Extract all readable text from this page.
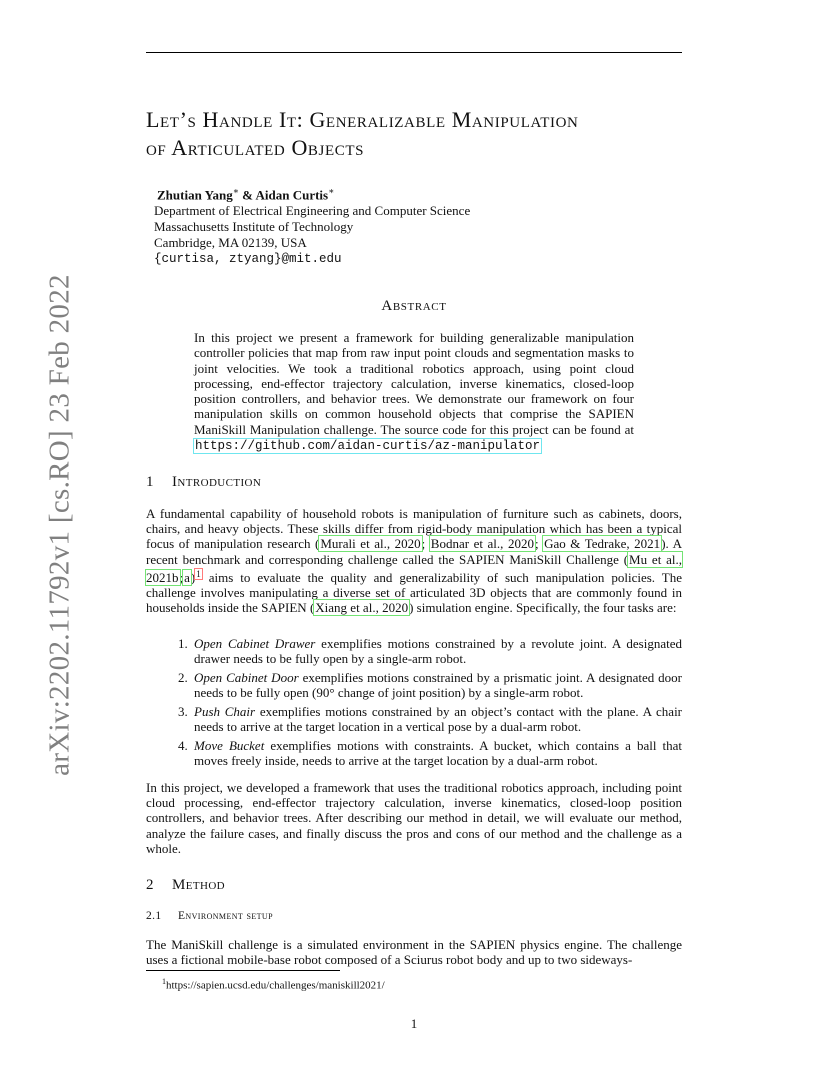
arXiv:2202.11792v1 [cs.RO] 23 Feb 2022
Let’s Handle It: Generalizable Manipulation
of Articulated Objects
Zhutian Yang∗ & Aidan Curtis∗
Department of Electrical Engineering and Computer Science
Massachusetts Institute of Technology
Cambridge, MA 02139, USA
{curtisa, ztyang}@mit.edu
Abstract

In this project we present a framework for building generalizable manipulation controller policies that map from raw input point clouds and segmentation masks to joint velocities. We took a traditional robotics approach, using point cloud processing, end-effector trajectory calculation, inverse kinematics, closed-loop position controllers, and behavior trees. We demonstrate our framework on four manipulation skills on common household objects that comprise the SAPIEN ManiSkill Manipulation challenge. The source code for this project can be found at https://github.com/aidan-curtis/az-manipulator

1 Introduction

A fundamental capability of household robots is manipulation of furniture such as cabinets, doors, chairs, and heavy objects. These skills differ from rigid-body manipulation which has been a typical focus of manipulation research (Murali et al., 2020; Bodnar et al., 2020; Gao & Tedrake, 2021). A recent benchmark and corresponding challenge called the SAPIEN ManiSkill Challenge (Mu et al., 2021b;a)$^1$ aims to evaluate the quality and generalizability of such manipulation policies. The challenge involves manipulating a diverse set of articulated 3D objects that are commonly found in households inside the SAPIEN (Xiang et al., 2020) simulation engine. Specifically, the four tasks are:

1. Open Cabinet Drawer exemplifies motions constrained by a revolute joint. A designated drawer needs to be fully open by a single-arm robot.
2. Open Cabinet Door exemplifies motions constrained by a prismatic joint. A designated door needs to be fully open (90° change of joint position) by a single-arm robot.
3. Push Chair exemplifies motions constrained by an object’s contact with the plane. A chair needs to arrive at the target location in a vertical pose by a dual-arm robot.
4. Move Bucket exemplifies motions with constraints. A bucket, which contains a ball that moves freely inside, needs to arrive at the target location by a dual-arm robot.

In this project, we developed a framework that uses the traditional robotics approach, including point cloud processing, end-effector trajectory calculation, inverse kinematics, closed-loop position controllers, and behavior trees. After describing our method in detail, we will evaluate our method, analyze the failure cases, and finally discuss the pros and cons of our method and the challenge as a whole.

2 Method
2.1 Environment setup

The ManiSkill challenge is a simulated environment in the SAPIEN physics engine. The challenge uses a fictional mobile-base robot composed of a Sciurus robot body and up to two sideways-

$^1$https://sapien.ucsd.edu/challenges/maniskill2021/
1
